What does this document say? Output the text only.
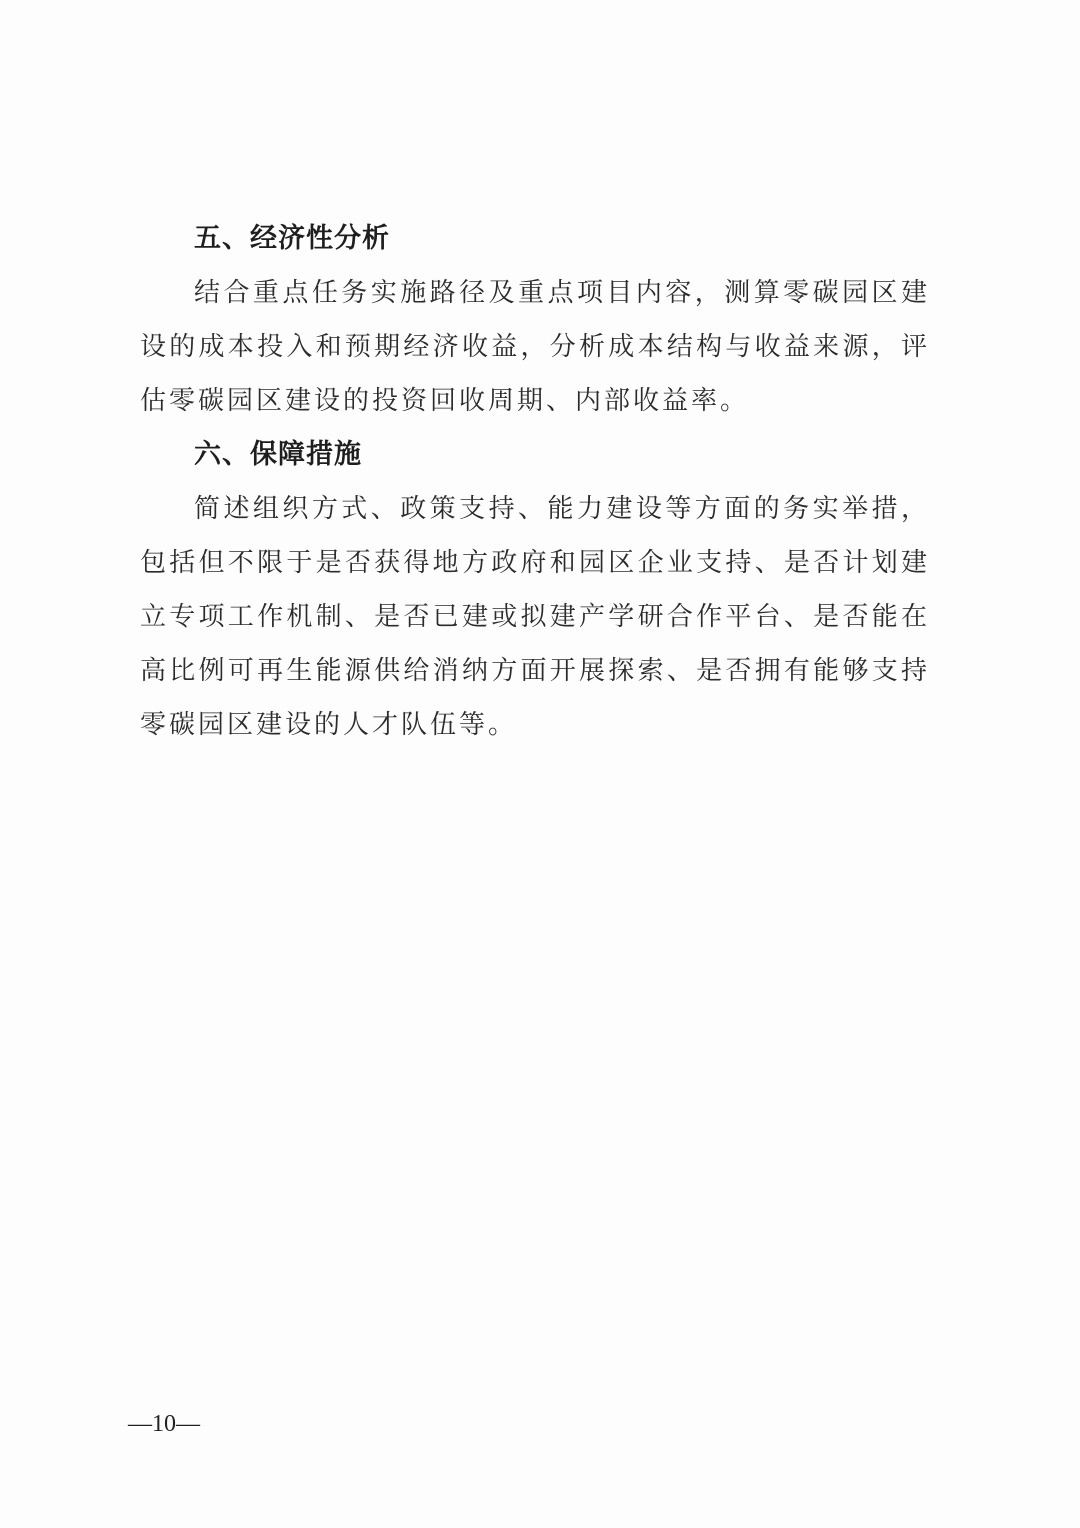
五、经济性分析

结合重点任务实施路径及重点项目内容，测算零碳园区建设的成本投入和预期经济收益，分析成本结构与收益来源，评估零碳园区建设的投资回收周期、内部收益率。

六、保障措施

简述组织方式、政策支持、能力建设等方面的务实举措，包括但不限于是否获得地方政府和园区企业支持、是否计划建立专项工作机制、是否已建或拟建产学研合作平台、是否能在高比例可再生能源供给消纳方面开展探索、是否拥有能够支持零碳园区建设的人才队伍等。

—10—
